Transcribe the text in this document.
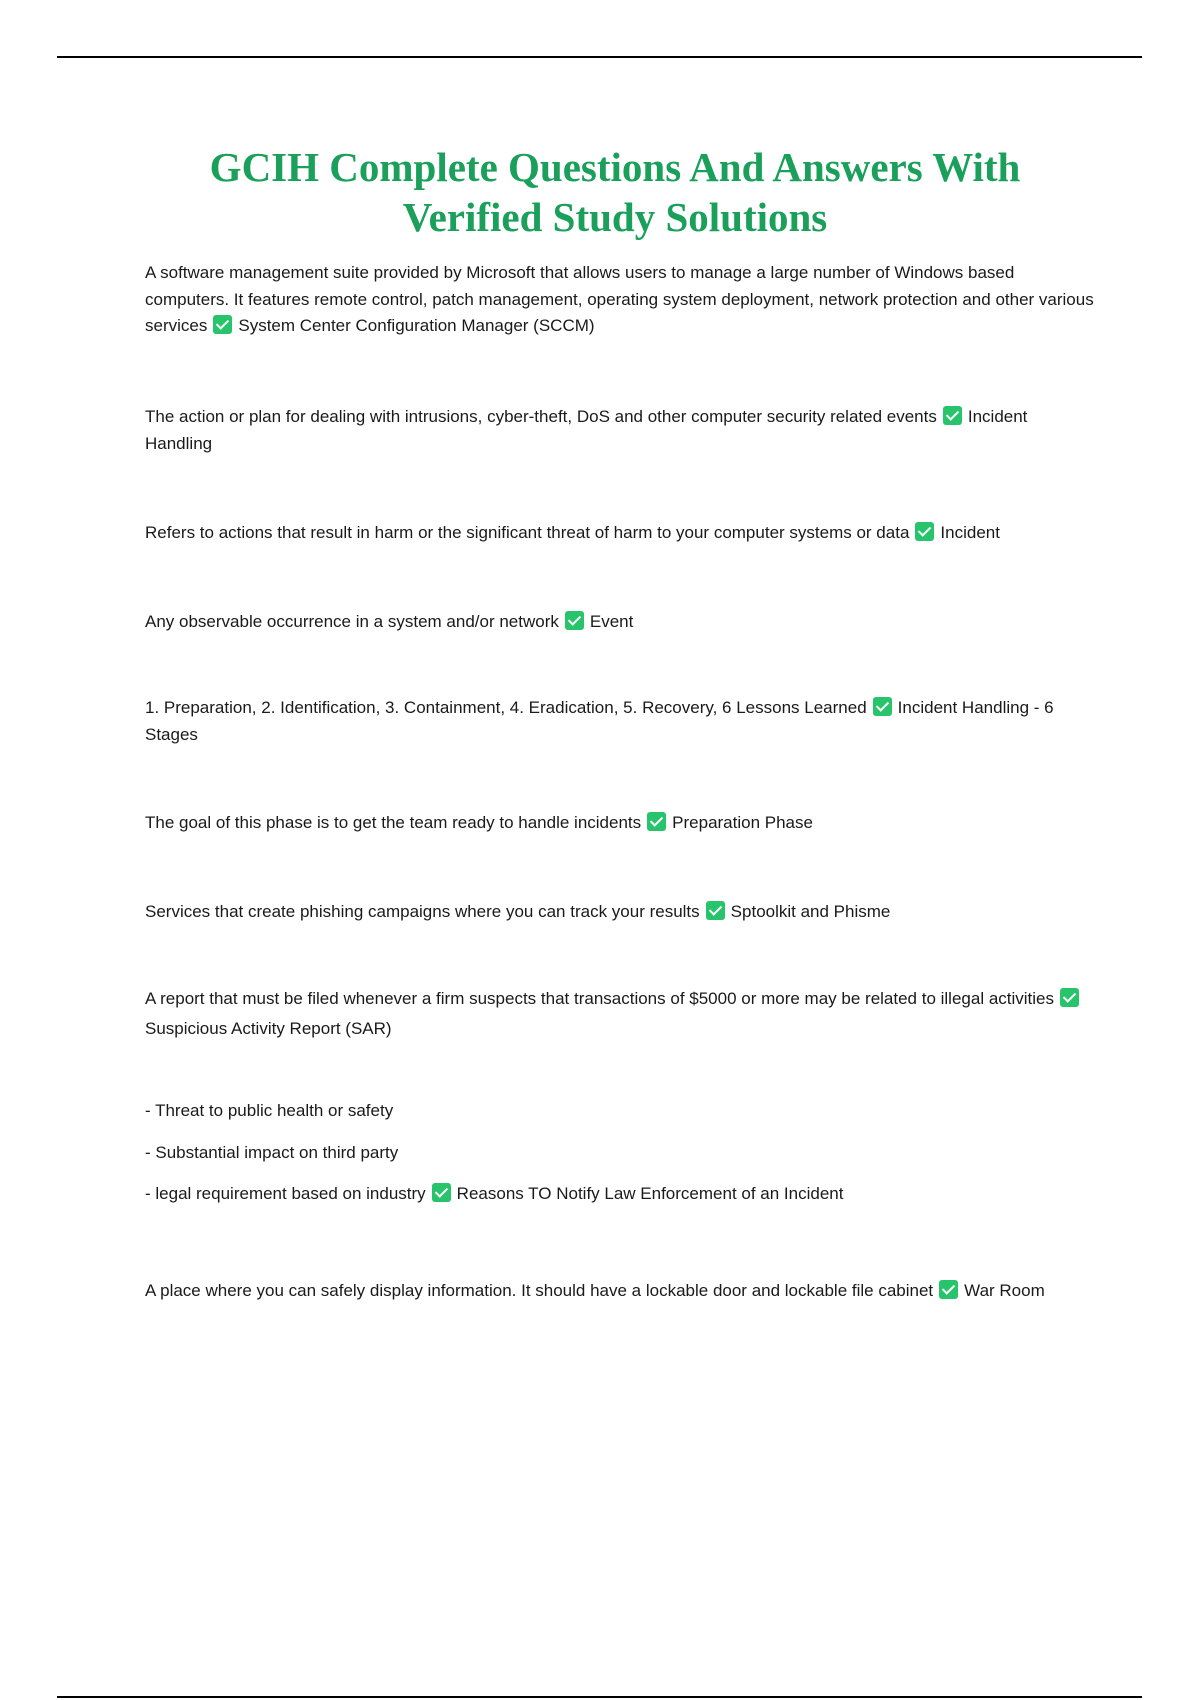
GCIH Complete Questions And Answers With
Verified Study Solutions

A software management suite provided by Microsoft that allows users to manage a large number of Windows based computers. It features remote control, patch management, operating system deployment, network protection and other various services System Center Configuration Manager (SCCM)

The action or plan for dealing with intrusions, cyber-theft, DoS and other computer security related events Incident Handling

Refers to actions that result in harm or the significant threat of harm to your computer systems or data Incident

Any observable occurrence in a system and/or network Event

1. Preparation, 2. Identification, 3. Containment, 4. Eradication, 5. Recovery, 6 Lessons Learned Incident Handling - 6 Stages

The goal of this phase is to get the team ready to handle incidents Preparation Phase

Services that create phishing campaigns where you can track your results Sptoolkit and Phisme

A report that must be filed whenever a firm suspects that transactions of $5000 or more may be related to illegal activitiesSuspicious Activity Report (SAR)

- Threat to public health or safety
- Substantial impact on third party
- legal requirement based on industry Reasons TO Notify Law Enforcement of an Incident

A place where you can safely display information. It should have a lockable door and lockable file cabinet War Room
